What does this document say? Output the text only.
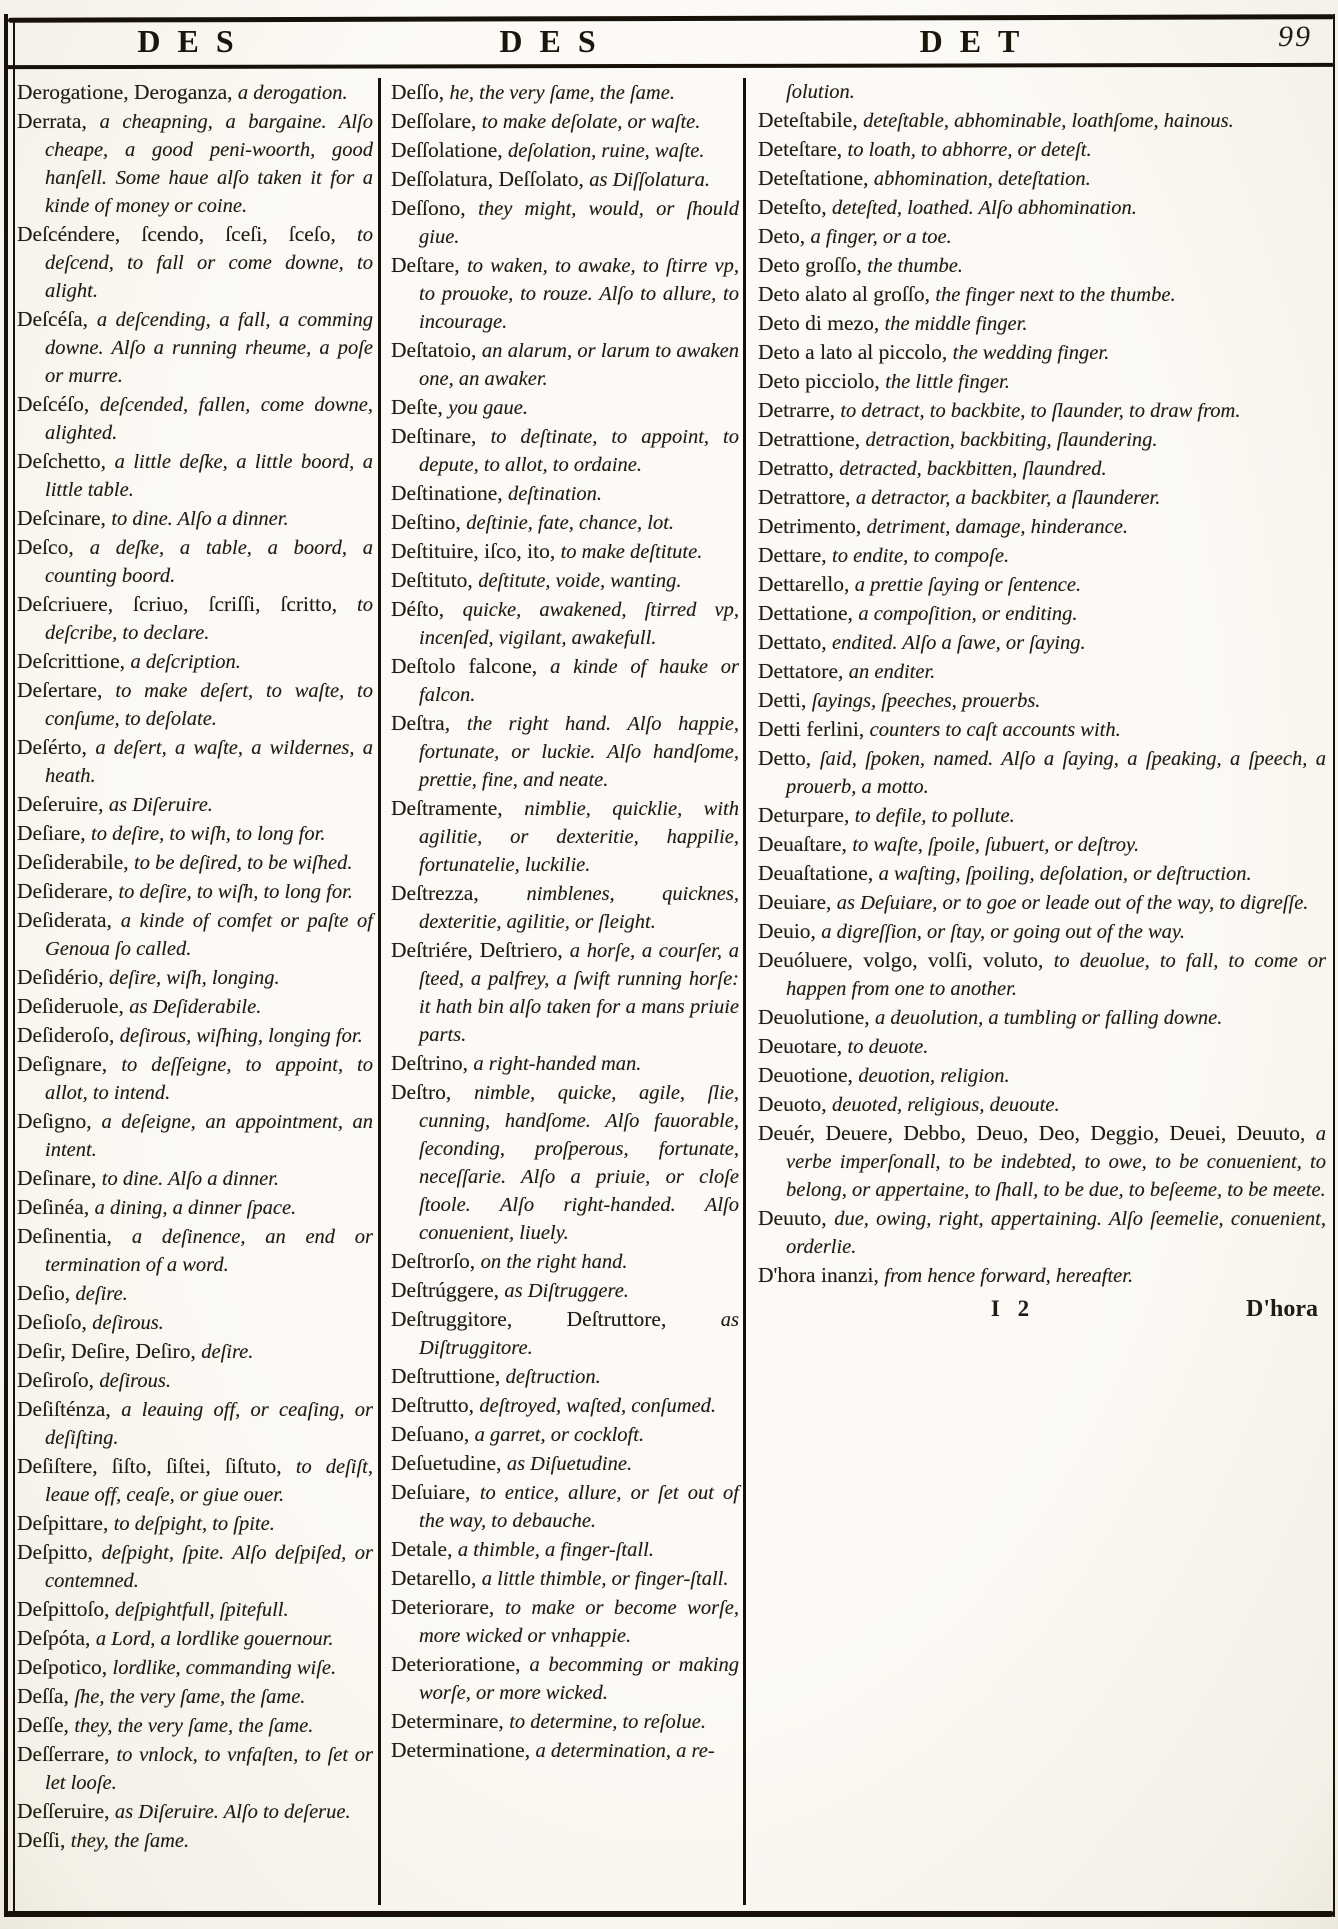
DES	DES	DET	99
Derogatione, Deroganza, a derogation.
Derrata, a cheapning, a bargaine. Alſo cheape, a good peni-woorth, good hanſell. Some haue alſo taken it for a kinde of money or coine.
Deſcéndere, ſcendo, ſceſi, ſceſo, to deſcend, to fall or come downe, to alight.
Deſcéſa, a deſcending, a fall, a comming downe. Alſo a running rheume, a poſe or murre.
Deſcéſo, deſcended, fallen, come downe, alighted.
Deſchetto, a little deſke, a little boord, a little table.
Deſcinare, to dine. Alſo a dinner.
Deſco, a deſke, a table, a boord, a counting boord.
Deſcriuere, ſcriuo, ſcriſſi, ſcritto, to deſcribe, to declare.
Deſcrittione, a deſcription.
Deſertare, to make deſert, to waſte, to conſume, to deſolate.
Deſérto, a deſert, a waſte, a wildernes, a heath.
Deſeruire, as Diſeruire.
Deſiare, to deſire, to wiſh, to long for.
Deſiderabile, to be deſired, to be wiſhed.
Deſiderare, to deſire, to wiſh, to long for.
Deſiderata, a kinde of comfet or paſte of Genoua ſo called.
Deſidério, deſire, wiſh, longing.
Deſideruole, as Deſiderabile.
Deſideroſo, deſirous, wiſhing, longing for.
Deſignare, to deſſeigne, to appoint, to allot, to intend.
Deſigno, a deſeigne, an appointment, an intent.
Deſinare, to dine. Alſo a dinner.
Deſinéa, a dining, a dinner ſpace.
Deſinentia, a deſinence, an end or termination of a word.
Deſio, deſire.
Deſioſo, deſirous.
Deſir, Deſire, Deſiro, deſire.
Deſiroſo, deſirous.
Deſiſténza, a leauing off, or ceaſing, or deſiſting.
Deſiſtere, ſiſto, ſiſtei, ſiſtuto, to deſiſt, leaue off, ceaſe, or giue ouer.
Deſpittare, to deſpight, to ſpite.
Deſpitto, deſpight, ſpite. Alſo deſpiſed, or contemned.
Deſpittoſo, deſpightfull, ſpitefull.
Deſpóta, a Lord, a lordlike gouernour.
Deſpotico, lordlike, commanding wiſe.
Deſſa, ſhe, the very ſame, the ſame.
Deſſe, they, the very ſame, the ſame.
Deſſerrare, to vnlock, to vnfaſten, to ſet or let looſe.
Deſſeruire, as Diſeruire. Alſo to deſerue.
Deſſi, they, the ſame.
Deſſo, he, the very ſame, the ſame.
Deſſolare, to make deſolate, or waſte.
Deſſolatione, deſolation, ruine, waſte.
Deſſolatura, Deſſolato, as Diſſolatura.
Deſſono, they might, would, or ſhould giue.
Deſtare, to waken, to awake, to ſtirre vp, to prouoke, to rouze. Alſo to allure, to incourage.
Deſtatoio, an alarum, or larum to awaken one, an awaker.
Deſte, you gaue.
Deſtinare, to deſtinate, to appoint, to depute, to allot, to ordaine.
Deſtinatione, deſtination.
Deſtino, deſtinie, fate, chance, lot.
Deſtituire, iſco, ito, to make deſtitute.
Deſtituto, deſtitute, voide, wanting.
Déſto, quicke, awakened, ſtirred vp, incenſed, vigilant, awakefull.
Deſtolo falcone, a kinde of hauke or falcon.
Deſtra, the right hand. Alſo happie, fortunate, or luckie. Alſo handſome, prettie, fine, and neate.
Deſtramente, nimblie, quicklie, with agilitie, or dexteritie, happilie, fortunatelie, luckilie.
Deſtrezza, nimblenes, quicknes, dexteritie, agilitie, or ſleight.
Deſtriére, Deſtriero, a horſe, a courſer, a ſteed, a palfrey, a ſwift running horſe: it hath bin alſo taken for a mans priuie parts.
Deſtrino, a right-handed man.
Deſtro, nimble, quicke, agile, ſlie, cunning, handſome. Alſo fauorable, ſeconding, proſperous, fortunate, neceſſarie. Alſo a priuie, or cloſe ſtoole. Alſo right-handed. Alſo conuenient, liuely.
Deſtrorſo, on the right hand.
Deſtrúggere, as Diſtruggere.
Deſtruggitore, Deſtruttore, as Diſtruggitore.
Deſtruttione, deſtruction.
Deſtrutto, deſtroyed, waſted, conſumed.
Deſuano, a garret, or cockloft.
Deſuetudine, as Diſuetudine.
Deſuiare, to entice, allure, or ſet out of the way, to debauche.
Detale, a thimble, a finger-ſtall.
Detarello, a little thimble, or finger-ſtall.
Deteriorare, to make or become worſe, more wicked or vnhappie.
Deterioratione, a becomming or making worſe, or more wicked.
Determinare, to determine, to reſolue.
Determinatione, a determination, a re-
ſolution.
Deteſtabile, deteſtable, abhominable, loathſome, hainous.
Deteſtare, to loath, to abhorre, or deteſt.
Deteſtatione, abhomination, deteſtation.
Deteſto, deteſted, loathed. Alſo abhomination.
Deto, a finger, or a toe.
Deto groſſo, the thumbe.
Deto alato al groſſo, the finger next to the thumbe.
Deto di mezo, the middle finger.
Deto a lato al piccolo, the wedding finger.
Deto picciolo, the little finger.
Detrarre, to detract, to backbite, to ſlaunder, to draw from.
Detrattione, detraction, backbiting, ſlaundering.
Detratto, detracted, backbitten, ſlaundred.
Detrattore, a detractor, a backbiter, a ſlaunderer.
Detrimento, detriment, damage, hinderance.
Dettare, to endite, to compoſe.
Dettarello, a prettie ſaying or ſentence.
Dettatione, a compoſition, or enditing.
Dettato, endited. Alſo a ſawe, or ſaying.
Dettatore, an enditer.
Detti, ſayings, ſpeeches, prouerbs.
Detti ferlini, counters to caſt accounts with.
Detto, ſaid, ſpoken, named. Alſo a ſaying, a ſpeaking, a ſpeech, a prouerb, a motto.
Deturpare, to defile, to pollute.
Deuaſtare, to waſte, ſpoile, ſubuert, or deſtroy.
Deuaſtatione, a waſting, ſpoiling, deſolation, or deſtruction.
Deuiare, as Deſuiare, or to goe or leade out of the way, to digreſſe.
Deuio, a digreſſion, or ſtay, or going out of the way.
Deuóluere, volgo, volſi, voluto, to deuolue, to fall, to come or happen from one to another.
Deuolutione, a deuolution, a tumbling or falling downe.
Deuotare, to deuote.
Deuotione, deuotion, religion.
Deuoto, deuoted, religious, deuoute.
Deuér, Deuere, Debbo, Deuo, Deo, Deggio, Deuei, Deuuto, a verbe imperſonall, to be indebted, to owe, to be conuenient, to belong, or appertaine, to ſhall, to be due, to beſeeme, to be meete.
Deuuto, due, owing, right, appertaining. Alſo ſeemelie, conuenient, orderlie.
D'hora inanzi, from hence forward, hereafter.
I 2	D'hora
